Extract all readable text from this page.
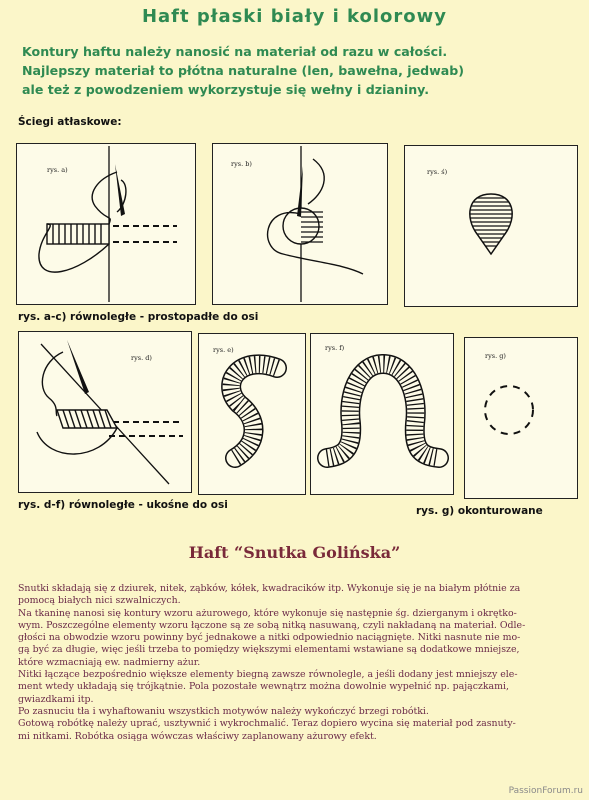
Haft płaski biały i kolorowy
Kontury haftu należy nanosić na materiał od razu w całości.
Najlepszy materiał to płótna naturalne (len, bawełna, jedwab)
ale też z powodzeniem wykorzystuje się wełny i dzianiny.
Ściegi atłaskowe:
rys. a)
rys. b)
rys. ś)
rys. a-c) równoległe - prostopadłe do osi
rys. d)
rys. e)	rys. f)
rys. g)
rys. d-f) równoległe - ukośne do osi	rys. g) okonturowane
Haft “Snutka Golińska”
Snutki składają się z dziurek, nitek, ząbków, kółek, kwadracików itp. Wykonuje się je na białym płótnie za
pomocą białych nici szwalniczych.
Na tkaninę nanosi się kontury wzoru ażurowego, które wykonuje się następnie śg. dzierganym i okrętko-
wym. Poszczególne elementy wzoru łączone są ze sobą nitką nasuwaną, czyli nakładaną na materiał. Odle-
głości na obwodzie wzoru powinny być jednakowe a nitki odpowiednio naciągnięte. Nitki nasnute nie mo-
gą być za długie, więc jeśli trzeba to pomiędzy większymi elementami wstawiane są dodatkowe mniejsze,
które wzmacniają ew. nadmierny ażur.
Nitki łączące bezpośrednio większe elementy biegną zawsze równolegle, a jeśli dodany jest mniejszy ele-
ment wtedy układają się trójkątnie. Pola pozostałe wewnątrz można dowolnie wypełnić np. pajączkami,
gwiazdkami itp.
Po zasnuciu tła i wyhaftowaniu wszystkich motywów należy wykończyć brzegi robótki.
Gotową robótkę należy uprać, usztywnić i wykrochmalić. Teraz dopiero wycina się materiał pod zasnuty-
mi nitkami. Robótka osiąga wówczas właściwy zaplanowany ażurowy efekt.
PassionForum.ru
